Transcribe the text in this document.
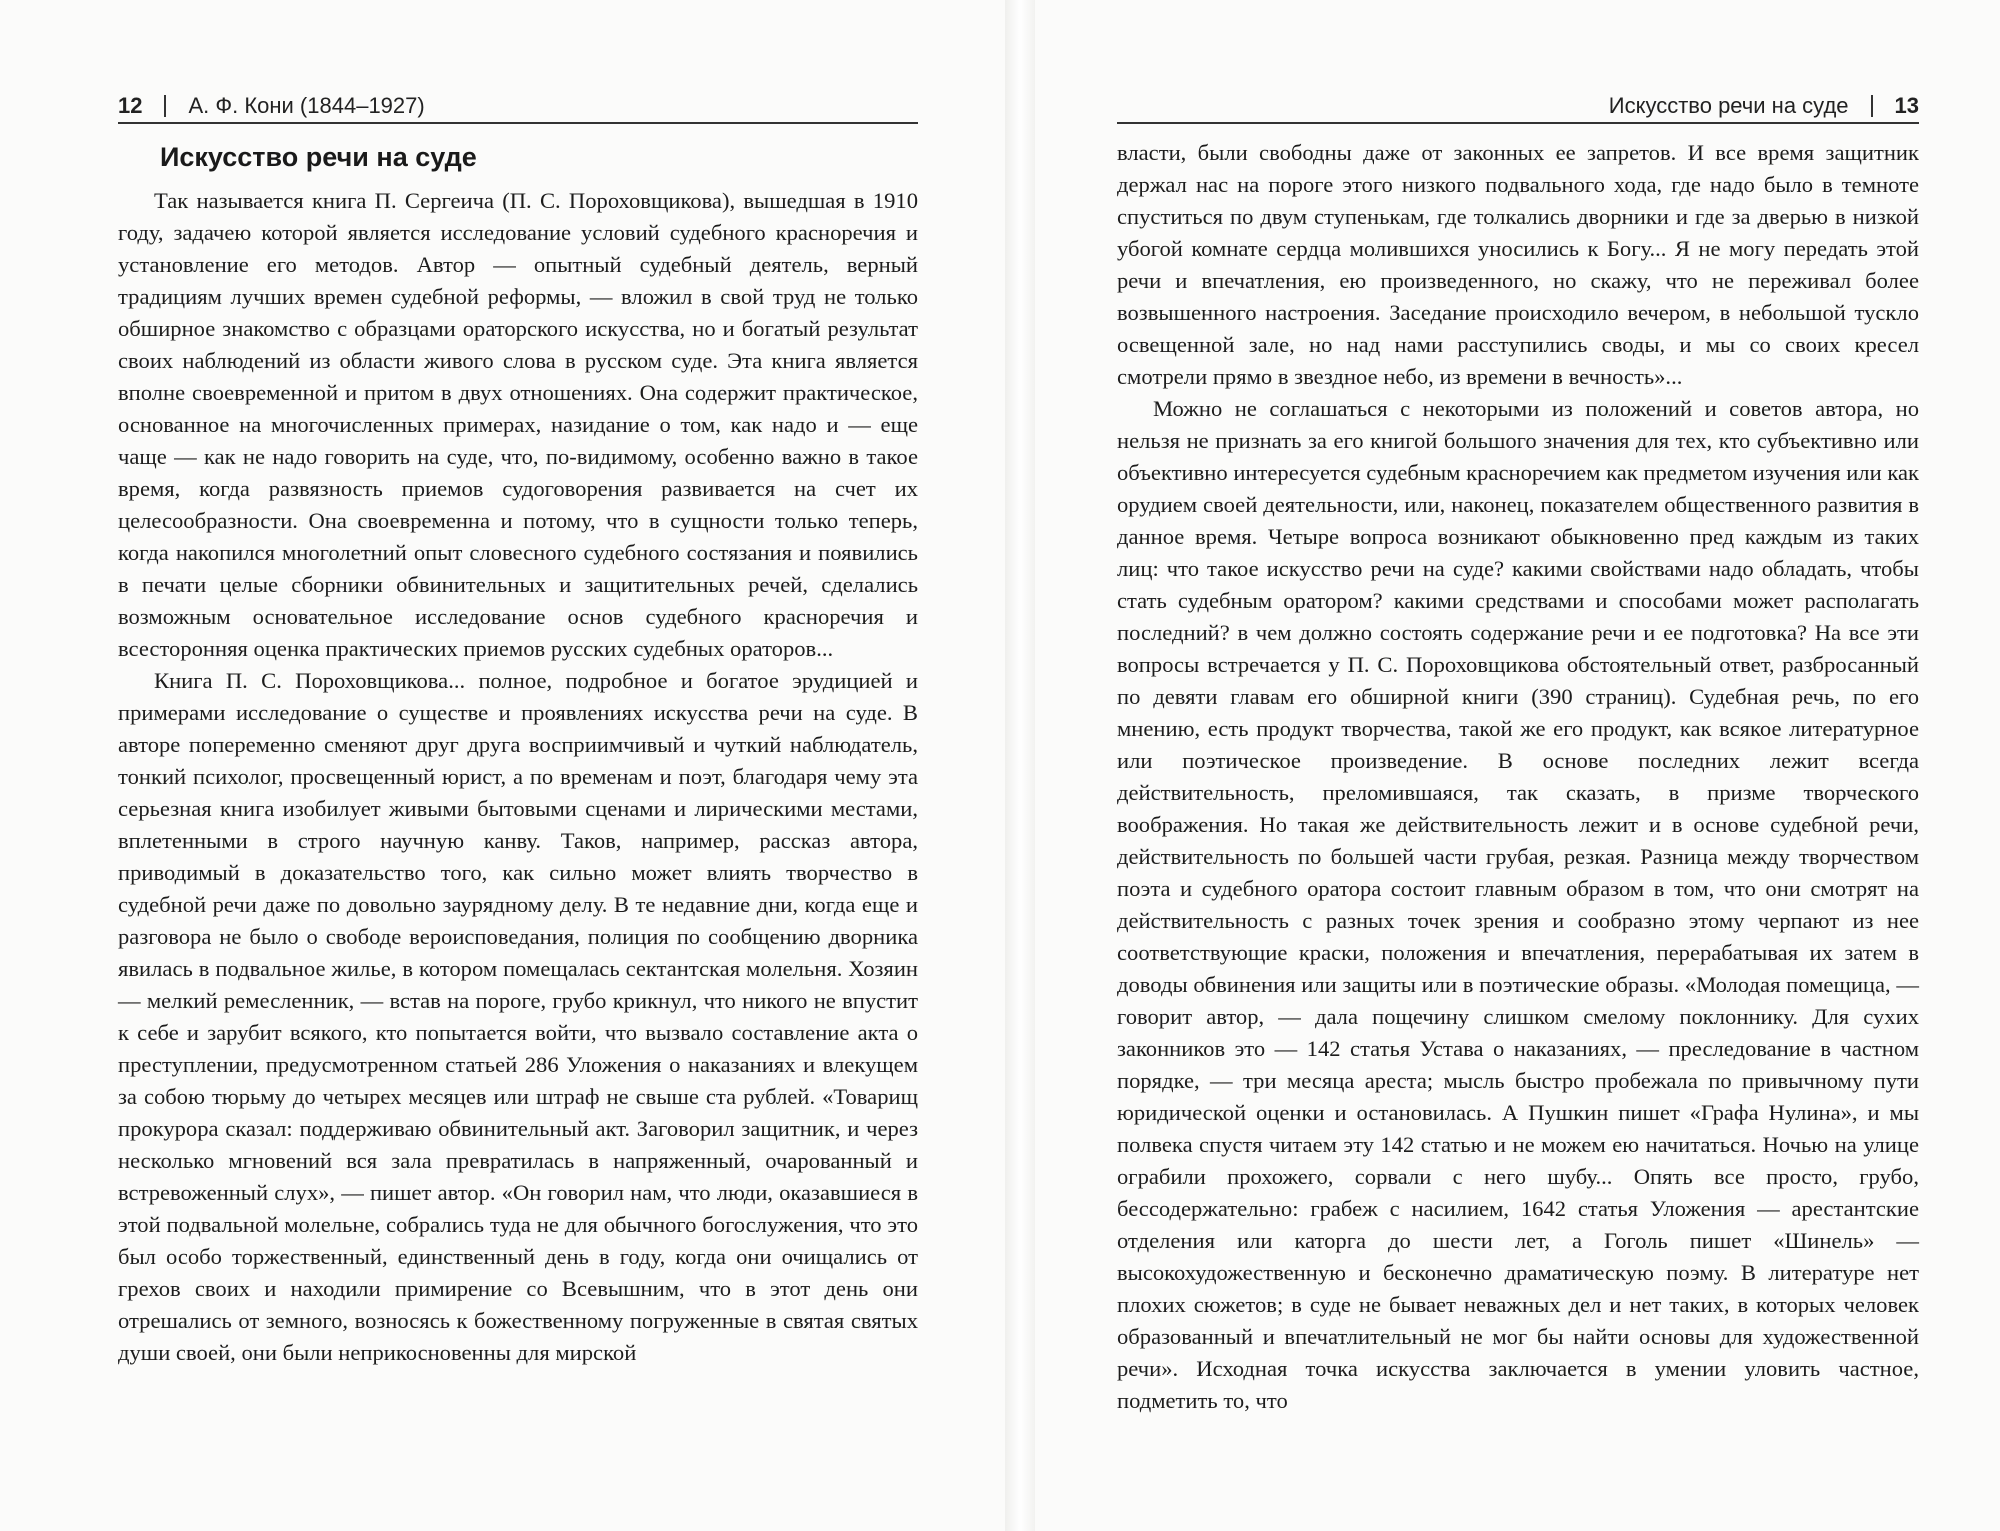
12 А. Ф. Кони (1844–1927)
Искусство речи на суде

Так называется книга П. Сергеича (П. С. Пороховщикова), вышедшая в 1910 году, задачею которой является исследование условий судебного красноречия и установление его методов. Автор — опытный судебный деятель, верный традициям лучших времен судебной реформы, — вложил в свой труд не только обширное знакомство с образцами ораторского искусства, но и богатый результат своих наблюдений из области живого слова в русском суде. Эта книга является вполне своевременной и притом в двух отношениях. Она содержит практическое, основанное на многочисленных примерах, назидание о том, как надо и — еще чаще — как не надо говорить на суде, что, по-видимому, особенно важно в такое время, когда развязность приемов судоговорения развивается на счет их целесообразности. Она своевременна и потому, что в сущности только теперь, когда накопился многолетний опыт словесного судебного состязания и появились в печати целые сборники обвинительных и защитительных речей, сделались возможным основательное исследование основ судебного красноречия и всесторонняя оценка практических приемов русских судебных ораторов...

Книга П. С. Пороховщикова... полное, подробное и богатое эрудицией и примерами исследование о существе и проявлениях искусства речи на суде. В авторе попеременно сменяют друг друга восприимчивый и чуткий наблюдатель, тонкий психолог, просвещенный юрист, а по временам и поэт, благодаря чему эта серьезная книга изобилует живыми бытовыми сценами и лирическими местами, вплетенными в строго научную канву. Таков, например, рассказ автора, приводимый в доказательство того, как сильно может влиять творчество в судебной речи даже по довольно заурядному делу. В те недавние дни, когда еще и разговора не было о свободе вероисповедания, полиция по сообщению дворника явилась в подвальное жилье, в котором помещалась сектантская молельня. Хозяин — мелкий ремесленник, — встав на пороге, грубо крикнул, что никого не впустит к себе и зарубит всякого, кто попытается войти, что вызвало составление акта о преступлении, предусмотренном статьей 286 Уложения о наказаниях и влекущем за собою тюрьму до четырех месяцев или штраф не свыше ста рублей. «Товарищ прокурора сказал: поддерживаю обвинительный акт. Заговорил защитник, и через несколько мгновений вся зала превратилась в напряженный, очарованный и встревоженный слух», — пишет автор. «Он говорил нам, что люди, оказавшиеся в этой подвальной молельне, собрались туда не для обычного богослужения, что это был особо торжественный, единственный день в году, когда они очищались от грехов своих и находили примирение со Всевышним, что в этот день они отрешались от земного, возносясь к божественному погруженные в святая святых души своей, они были неприкосновенны для мирской

Искусство речи на суде 13

власти, были свободны даже от законных ее запретов. И все время защитник держал нас на пороге этого низкого подвального хода, где надо было в темноте спуститься по двум ступенькам, где толкались дворники и где за дверью в низкой убогой комнате сердца молившихся уносились к Богу... Я не могу передать этой речи и впечатления, ею произведенного, но скажу, что не переживал более возвышенного настроения. Заседание происходило вечером, в небольшой тускло освещенной зале, но над нами расступились своды, и мы со своих кресел смотрели прямо в звездное небо, из времени в вечность»...

Можно не соглашаться с некоторыми из положений и советов автора, но нельзя не признать за его книгой большого значения для тех, кто субъективно или объективно интересуется судебным красноречием как предметом изучения или как орудием своей деятельности, или, наконец, показателем общественного развития в данное время. Четыре вопроса возникают обыкновенно пред каждым из таких лиц: что такое искусство речи на суде? какими свойствами надо обладать, чтобы стать судебным оратором? какими средствами и способами может располагать последний? в чем должно состоять содержание речи и ее подготовка? На все эти вопросы встречается у П. С. Пороховщикова обстоятельный ответ, разбросанный по девяти главам его обширной книги (390 страниц). Судебная речь, по его мнению, есть продукт творчества, такой же его продукт, как всякое литературное или поэтическое произведение. В основе последних лежит всегда действительность, преломившаяся, так сказать, в призме творческого воображения. Но такая же действительность лежит и в основе судебной речи, действительность по большей части грубая, резкая. Разница между творчеством поэта и судебного оратора состоит главным образом в том, что они смотрят на действительность с разных точек зрения и сообразно этому черпают из нее соответствующие краски, положения и впечатления, перерабатывая их затем в доводы обвинения или защиты или в поэтические образы. «Молодая помещица, — говорит автор, — дала пощечину слишком смелому поклоннику. Для сухих законников это — 142 статья Устава о наказаниях, — преследование в частном порядке, — три месяца ареста; мысль быстро пробежала по привычному пути юридической оценки и остановилась. А Пушкин пишет «Графа Нулина», и мы полвека спустя читаем эту 142 статью и не можем ею начитаться. Ночью на улице ограбили прохожего, сорвали с него шубу... Опять все просто, грубо, бессодержательно: грабеж с насилием, 1642 статья Уложения — арестантские отделения или каторга до шести лет, а Гоголь пишет «Шинель» — высокохудожественную и бесконечно драматическую поэму. В литературе нет плохих сюжетов; в суде не бывает неважных дел и нет таких, в которых человек образованный и впечатлительный не мог бы найти основы для художественной речи». Исходная точка искусства заключается в умении уловить частное, подметить то, что
